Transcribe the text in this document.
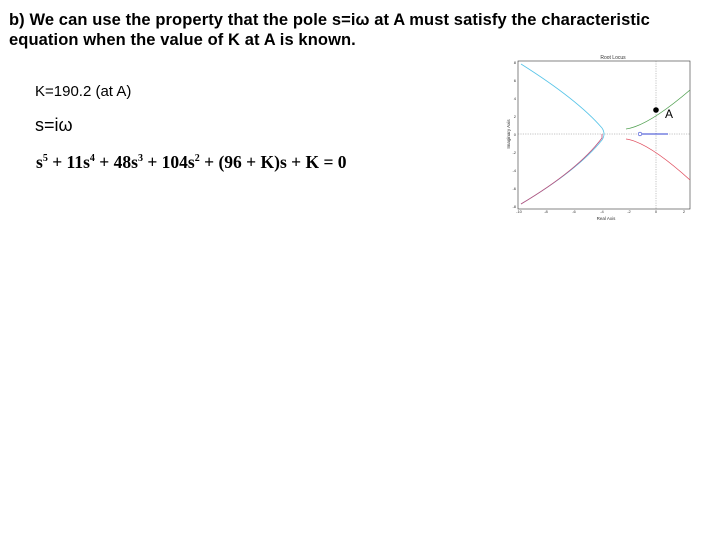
b) We can use the property that the pole s=iω at A must satisfy the characteristic
equation when the value of K at A is known.
K=190.2 (at A)
s=iω
$s^5 + 11s^4 + 48s^3 + 104s^2 + (96 + K)s + K = 0$
Root Locus
8
6
4
2
0
-2
-4
-6
-8
-10	-8	-6	-4	-2	0	2
Real Axis
Imaginary Axis
A
